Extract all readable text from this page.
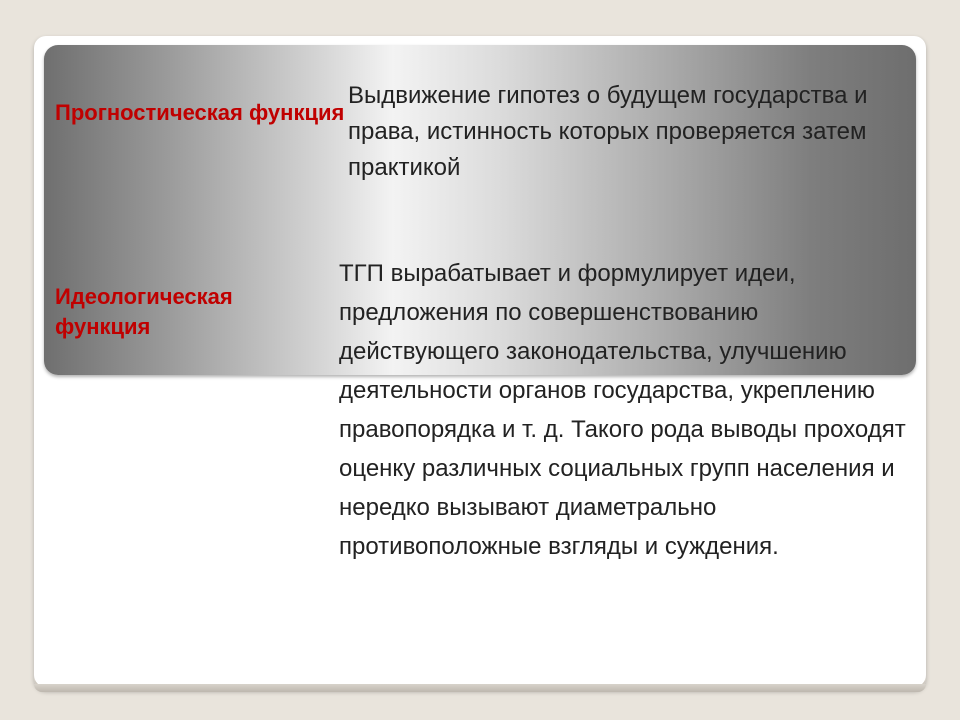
Прогностическая функция

Выдвижение гипотез о будущем государства и права, истинность которых проверяется затем практикой

Идеологическая функция

ТГП вырабатывает и формулирует идеи, предложения по совершенствованию действующего законодательства, улучшению деятельности органов государства, укреплению правопорядка и т. д. Такого рода выводы проходят оценку различных социальных групп населения и нередко вызывают диаметрально противоположные взгляды и суждения.
